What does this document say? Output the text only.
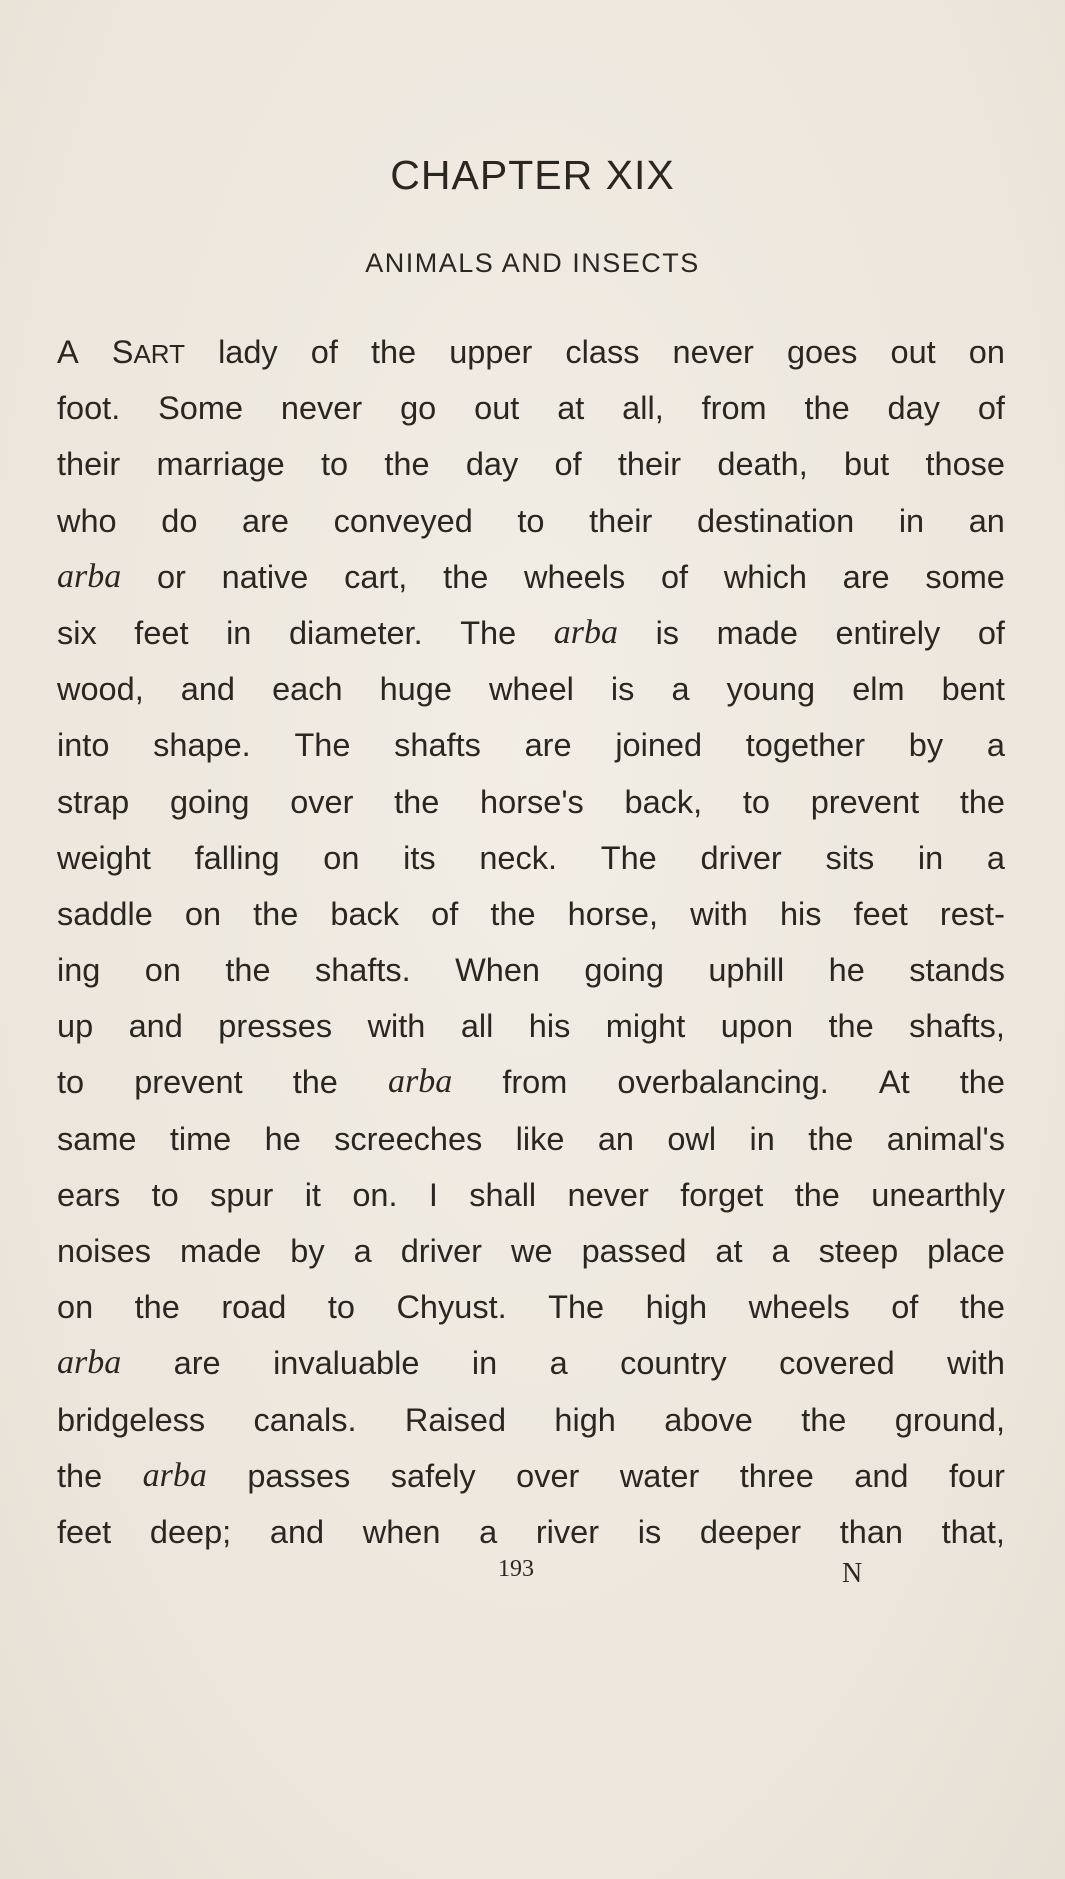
CHAPTER XIX
ANIMALS AND INSECTS
A SART lady of the upper class never goes out on
foot. Some never go out at all, from the day of
their marriage to the day of their death, but those
who do are conveyed to their destination in an
arba or native cart, the wheels of which are some
six feet in diameter. The arba is made entirely of
wood, and each huge wheel is a young elm bent
into shape. The shafts are joined together by a
strap going over the horse's back, to prevent the
weight falling on its neck. The driver sits in a
saddle on the back of the horse, with his feet rest-
ing on the shafts. When going uphill he stands
up and presses with all his might upon the shafts,
to prevent the arba from overbalancing. At the
same time he screeches like an owl in the animal's
ears to spur it on. I shall never forget the unearthly
noises made by a driver we passed at a steep place
on the road to Chyust. The high wheels of the
arba are invaluable in a country covered with
bridgeless canals. Raised high above the ground,
the arba passes safely over water three and four
feet deep; and when a river is deeper than that,
193	N
